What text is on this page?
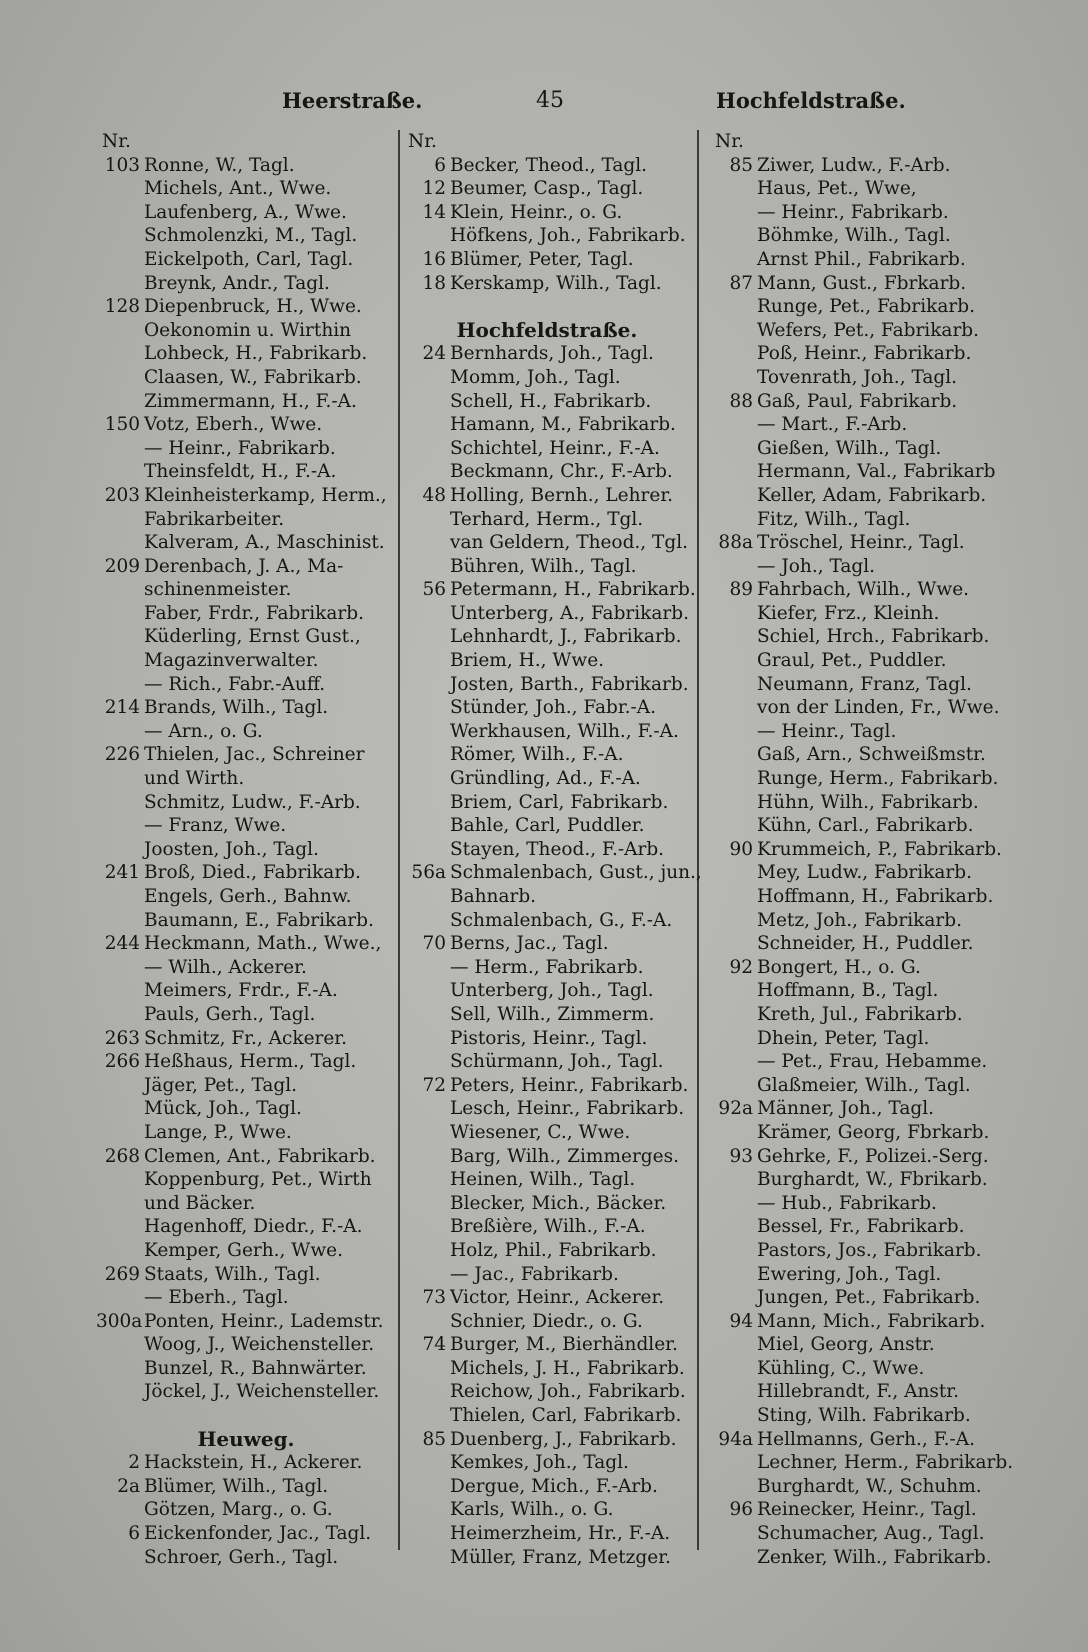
Heerstraße.	45	Hochfeldstraße.
Nr.
103 Ronne, W., Tagl.
Michels, Ant., Wwe.
Laufenberg, A., Wwe.
Schmolenzki, M., Tagl.
Eickelpoth, Carl, Tagl.
Breynk, Andr., Tagl.
128 Diepenbruck, H., Wwe.
Oekonomin u. Wirthin
Lohbeck, H., Fabrikarb.
Claasen, W., Fabrikarb.
Zimmermann, H., F.-A.
150 Votz, Eberh., Wwe.
— Heinr., Fabrikarb.
Theinsfeldt, H., F.-A.
203 Kleinheisterkamp, Herm.,
Fabrikarbeiter.
Kalveram, A., Maschinist.
209 Derenbach, J. A., Ma-
schinenmeister.
Faber, Frdr., Fabrikarb.
Küderling, Ernst Gust.,
Magazinverwalter.
— Rich., Fabr.-Auff.
214 Brands, Wilh., Tagl.
— Arn., o. G.
226 Thielen, Jac., Schreiner
und Wirth.
Schmitz, Ludw., F.-Arb.
— Franz, Wwe.
Joosten, Joh., Tagl.
241 Broß, Died., Fabrikarb.
Engels, Gerh., Bahnw.
Baumann, E., Fabrikarb.
244 Heckmann, Math., Wwe.,
— Wilh., Ackerer.
Meimers, Frdr., F.-A.
Pauls, Gerh., Tagl.
263 Schmitz, Fr., Ackerer.
266 Heßhaus, Herm., Tagl.
Jäger, Pet., Tagl.
Mück, Joh., Tagl.
Lange, P., Wwe.
268 Clemen, Ant., Fabrikarb.
Koppenburg, Pet., Wirth
und Bäcker.
Hagenhoff, Diedr., F.-A.
Kemper, Gerh., Wwe.
269 Staats, Wilh., Tagl.
— Eberh., Tagl.
300a Ponten, Heinr., Lademstr.
Woog, J., Weichensteller.
Bunzel, R., Bahnwärter.
Jöckel, J., Weichensteller.
Heuweg.
2 Hackstein, H., Ackerer.
2a Blümer, Wilh., Tagl.
Götzen, Marg., o. G.
6 Eickenfonder, Jac., Tagl.
Schroer, Gerh., Tagl.
Nr.
6 Becker, Theod., Tagl.
12 Beumer, Casp., Tagl.
14 Klein, Heinr., o. G.
Höfkens, Joh., Fabrikarb.
16 Blümer, Peter, Tagl.
18 Kerskamp, Wilh., Tagl.
Hochfeldstraße.
24 Bernhards, Joh., Tagl.
Momm, Joh., Tagl.
Schell, H., Fabrikarb.
Hamann, M., Fabrikarb.
Schichtel, Heinr., F.-A.
Beckmann, Chr., F.-Arb.
48 Holling, Bernh., Lehrer.
Terhard, Herm., Tgl.
van Geldern, Theod., Tgl.
Bühren, Wilh., Tagl.
56 Petermann, H., Fabrikarb.
Unterberg, A., Fabrikarb.
Lehnhardt, J., Fabrikarb.
Briem, H., Wwe.
Josten, Barth., Fabrikarb.
Stünder, Joh., Fabr.-A.
Werkhausen, Wilh., F.-A.
Römer, Wilh., F.-A.
Gründling, Ad., F.-A.
Briem, Carl, Fabrikarb.
Bahle, Carl, Puddler.
Stayen, Theod., F.-Arb.
56a Schmalenbach, Gust., jun.,
Bahnarb.
Schmalenbach, G., F.-A.
70 Berns, Jac., Tagl.
— Herm., Fabrikarb.
Unterberg, Joh., Tagl.
Sell, Wilh., Zimmerm.
Pistoris, Heinr., Tagl.
Schürmann, Joh., Tagl.
72 Peters, Heinr., Fabrikarb.
Lesch, Heinr., Fabrikarb.
Wiesener, C., Wwe.
Barg, Wilh., Zimmerges.
Heinen, Wilh., Tagl.
Blecker, Mich., Bäcker.
Breßière, Wilh., F.-A.
Holz, Phil., Fabrikarb.
— Jac., Fabrikarb.
73 Victor, Heinr., Ackerer.
Schnier, Diedr., o. G.
74 Burger, M., Bierhändler.
Michels, J. H., Fabrikarb.
Reichow, Joh., Fabrikarb.
Thielen, Carl, Fabrikarb.
85 Duenberg, J., Fabrikarb.
Kemkes, Joh., Tagl.
Dergue, Mich., F.-Arb.
Karls, Wilh., o. G.
Heimerzheim, Hr., F.-A.
Müller, Franz, Metzger.
Nr.
85 Ziwer, Ludw., F.-Arb.
Haus, Pet., Wwe,
— Heinr., Fabrikarb.
Böhmke, Wilh., Tagl.
Arnst Phil., Fabrikarb.
87 Mann, Gust., Fbrkarb.
Runge, Pet., Fabrikarb.
Wefers, Pet., Fabrikarb.
Poß, Heinr., Fabrikarb.
Tovenrath, Joh., Tagl.
88 Gaß, Paul, Fabrikarb.
— Mart., F.-Arb.
Gießen, Wilh., Tagl.
Hermann, Val., Fabrikarb
Keller, Adam, Fabrikarb.
Fitz, Wilh., Tagl.
88a Tröschel, Heinr., Tagl.
— Joh., Tagl.
89 Fahrbach, Wilh., Wwe.
Kiefer, Frz., Kleinh.
Schiel, Hrch., Fabrikarb.
Graul, Pet., Puddler.
Neumann, Franz, Tagl.
von der Linden, Fr., Wwe.
— Heinr., Tagl.
Gaß, Arn., Schweißmstr.
Runge, Herm., Fabrikarb.
Hühn, Wilh., Fabrikarb.
Kühn, Carl., Fabrikarb.
90 Krummeich, P., Fabrikarb.
Mey, Ludw., Fabrikarb.
Hoffmann, H., Fabrikarb.
Metz, Joh., Fabrikarb.
Schneider, H., Puddler.
92 Bongert, H., o. G.
Hoffmann, B., Tagl.
Kreth, Jul., Fabrikarb.
Dhein, Peter, Tagl.
— Pet., Frau, Hebamme.
Glaßmeier, Wilh., Tagl.
92a Männer, Joh., Tagl.
Krämer, Georg, Fbrkarb.
93 Gehrke, F., Polizei.-Serg.
Burghardt, W., Fbrikarb.
— Hub., Fabrikarb.
Bessel, Fr., Fabrikarb.
Pastors, Jos., Fabrikarb.
Ewering, Joh., Tagl.
Jungen, Pet., Fabrikarb.
94 Mann, Mich., Fabrikarb.
Miel, Georg, Anstr.
Kühling, C., Wwe.
Hillebrandt, F., Anstr.
Sting, Wilh. Fabrikarb.
94a Hellmanns, Gerh., F.-A.
Lechner, Herm., Fabrikarb.
Burghardt, W., Schuhm.
96 Reinecker, Heinr., Tagl.
Schumacher, Aug., Tagl.
Zenker, Wilh., Fabrikarb.
